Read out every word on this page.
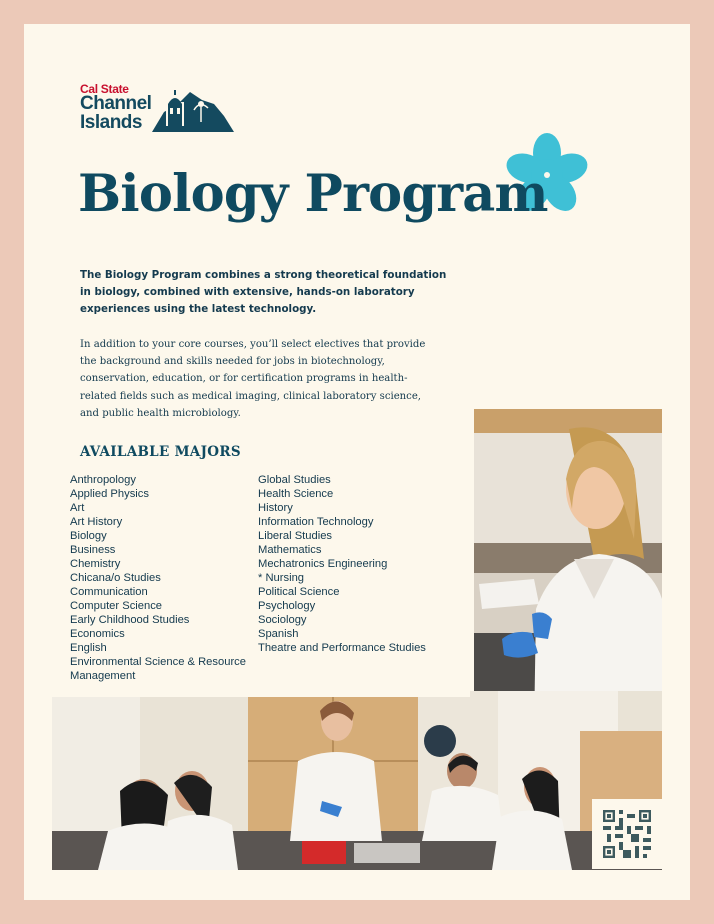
Cal State
Channel
Islands
Biology Program

The Biology Program combines a strong theoretical foundation in biology, combined with extensive, hands-on laboratory experiences using the latest technology.

In addition to your core courses, you’ll select electives that provide the background and skills needed for jobs in biotechnology, conservation, education, or for certification programs in health-related fields such as medical imaging, clinical laboratory science, and public health microbiology.

AVAILABLE MAJORS
Anthropology
Applied Physics
Art
Art History
Biology
Business
Chemistry
Chicana/o Studies
Communication
Computer Science
Early Childhood Studies
Economics
English
Environmental Science & Resource Management
Global Studies
Health Science
History
Information Technology
Liberal Studies
Mathematics
Mechatronics Engineering
* Nursing
Political Science
Psychology
Sociology
Spanish
Theatre and Performance Studies
